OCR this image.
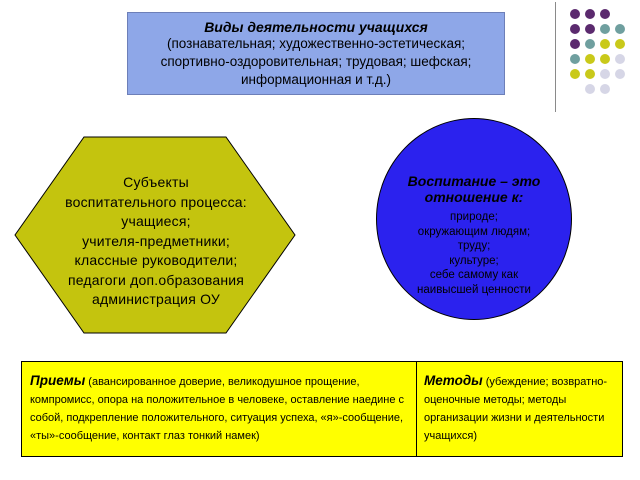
Виды деятельности учащихся
(познавательная; художественно-эстетическая; спортивно-оздоровительная; трудовая; шефская; информационная и т.д.)
Субъекты
воспитательного процесса:
учащиеся;
учителя-предметники;
классные руководители;
педагоги доп.образования
администрация ОУ
Воспитание – это отношение к:
природе;
окружающим людям;
труду;
культуре;
себе самому как
наивысшей ценности
Приемы (авансированное доверие, великодушное прощение, компромисс, опора на положительное в человеке, оставление наедине с собой, подкрепление положительного, ситуация успеха, «я»-сообщение, «ты»-сообщение, контакт глаз тонкий намек)
Методы (убеждение; возвратно-оценочные методы; методы организации жизни и деятельности учащихся)
